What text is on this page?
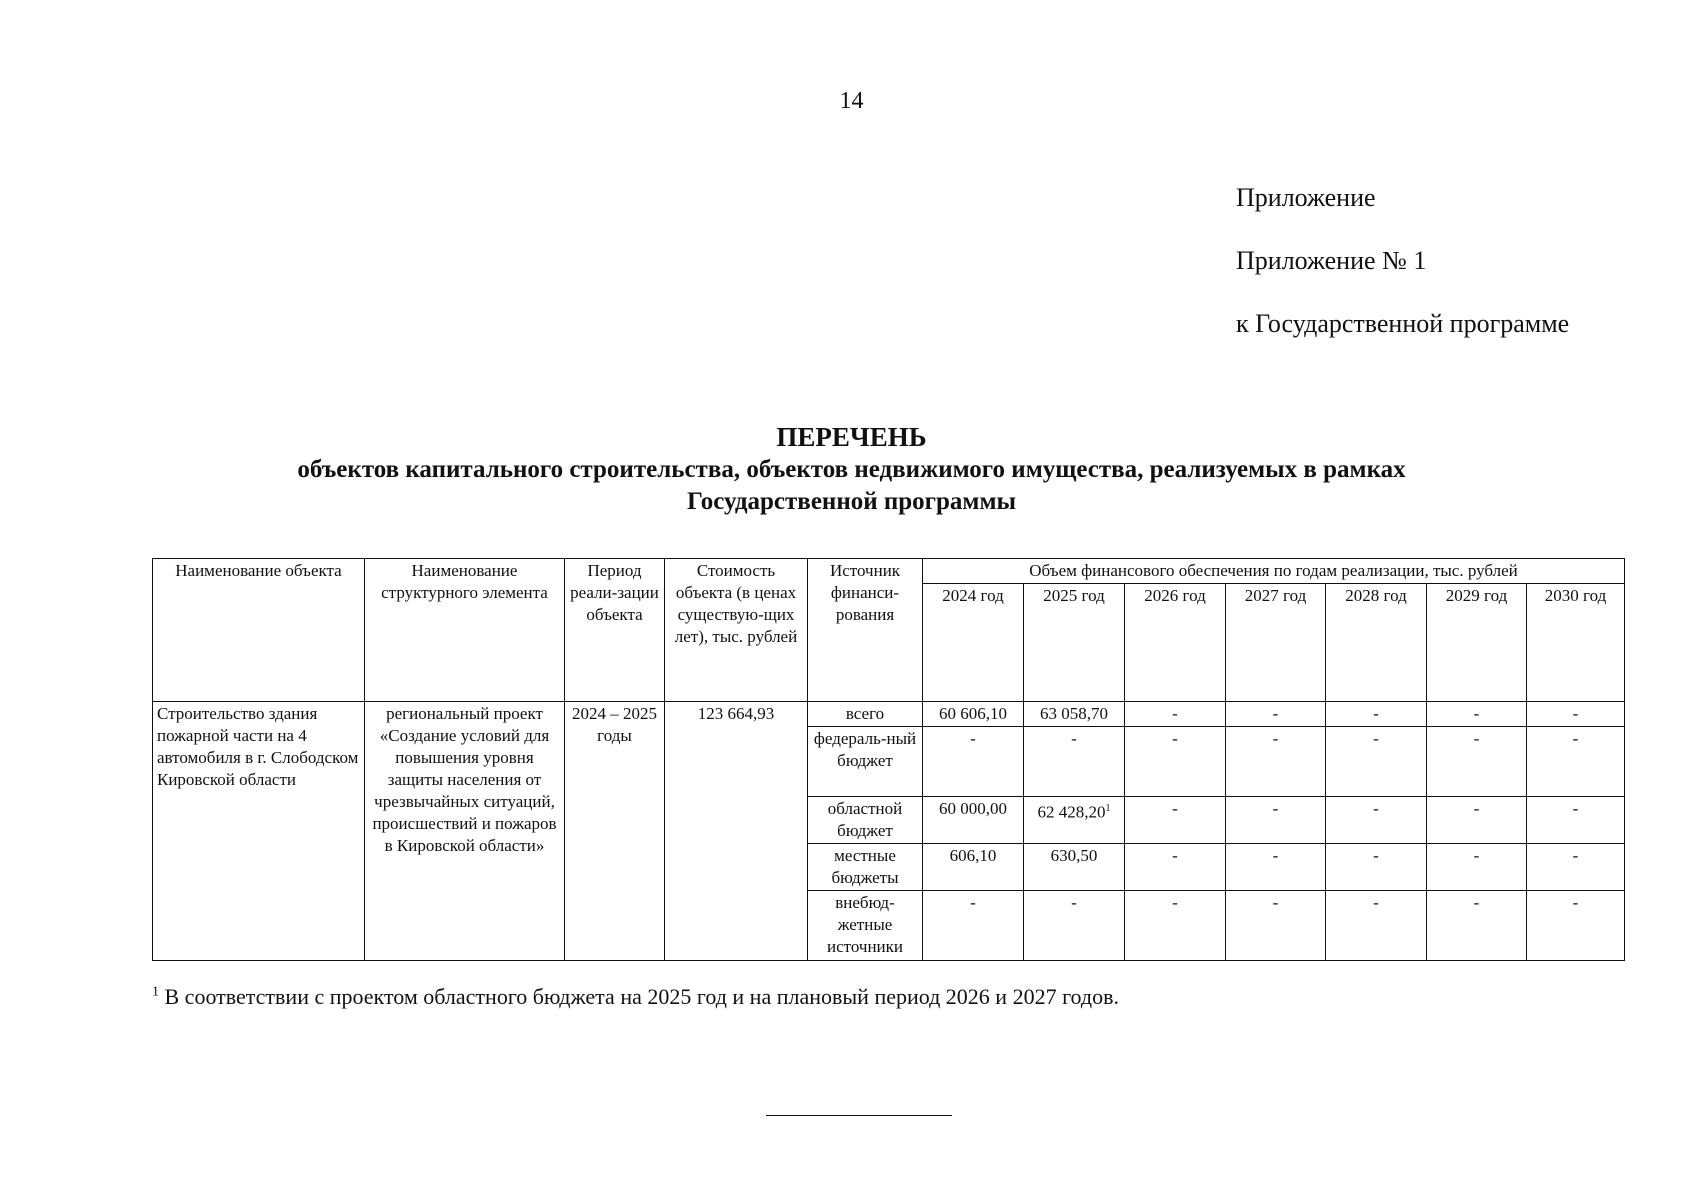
14
Приложение
Приложение № 1
к Государственной программе
ПЕРЕЧЕНЬ
объектов капитального строительства, объектов недвижимого имущества, реализуемых в рамках
Государственной программы
Наименование объекта	Наименование структурного элемента	Период реали-зации объекта	Стоимость объекта (в ценах существую-щих лет), тыс. рублей	Источник финанси-рования	Объем финансового обеспечения по годам реализации, тыс. рублей						
					2024 год	2025 год	2026 год	2027 год	2028 год	2029 год	2030 год
Строительство здания пожарной части на 4 автомобиля в г. Слободском Кировской области	региональный проект «Создание условий для повышения уровня защиты населения от чрезвычайных ситуаций, происшествий и пожаров в Кировской области»	2024 – 2025 годы	123 664,93	всего	60 606,10	63 058,70	-	-	-	-	-
				федераль-ный бюджет	-	-	-	-	-	-	-
				областной бюджет	60 000,00	62 428,20$^1$	-	-	-	-	-
				местные бюджеты	606,10	630,50	-	-	-	-	-
				внебюд-жетные источники	-	-	-	-	-	-	-
$^1$ В соответствии с проектом областного бюджета на 2025 год и на плановый период 2026 и 2027 годов.
